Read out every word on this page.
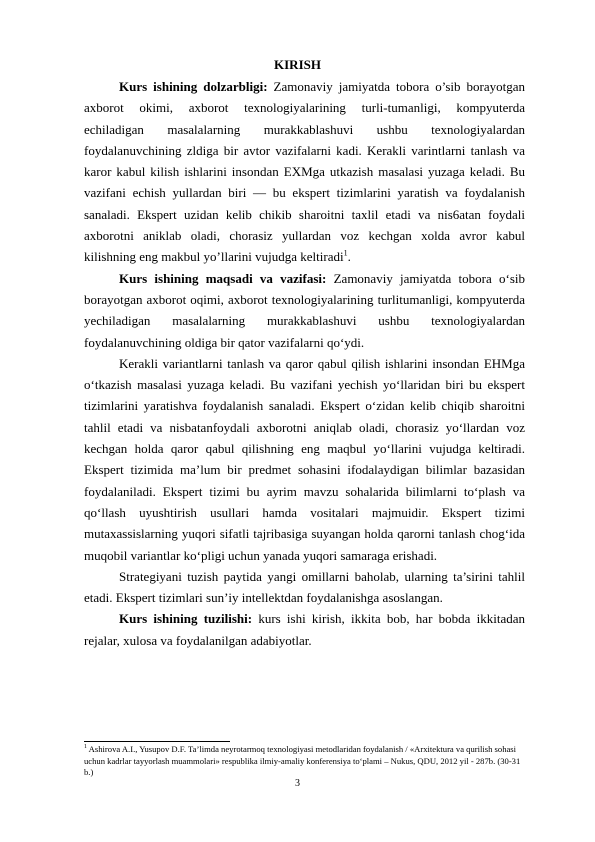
KIRISH

Kurs ishining dolzarbligi: Zamonaviy jamiyatda tobora o’sib borayotgan axborot okimi, axborot texnologiyalarining turli-tumanligi, kompyuterda echiladigan masalalarning murakkablashuvi ushbu texnologiyalardan foydalanuvchining zldiga bir avtor vazifalarni kadi. Kerakli varintlarni tanlash va karor kabul kilish ishlarini insondan EXMga utkazish masalasi yuzaga keladi. Bu vazifani echish yullardan biri — bu ekspert tizimlarini yaratish va foydalanish sanaladi. Ekspert uzidan kelib chikib sharoitni taxlil etadi va nis6atan foydali axborotni aniklab oladi, chorasiz yullardan voz kechgan xolda avror kabul kilishning eng makbul yo’llarini vujudga keltiradi$^1$.

Kurs ishining maqsadi va vazifasi: Zamonaviy jamiyatda tobora o‘sib borayotgan axborot oqimi, axborot texnologiyalarining turlitumanligi, kompyuterda yechiladigan masalalarning murakkablashuvi ushbu texnologiyalardan foydalanuvchining oldiga bir qator vazifalarni qo‘ydi.

Kerakli variantlarni tanlash va qaror qabul qilish ishlarini insondan EHMga o‘tkazish masalasi yuzaga keladi. Bu vazifani yechish yo‘llaridan biri bu ekspert tizimlarini yaratishva foydalanish sanaladi. Ekspert o‘zidan kelib chiqib sharoitni tahlil etadi va nisbatanfoydali axborotni aniqlab oladi, chorasiz yo‘llardan voz kechgan holda qaror qabul qilishning eng maqbul yo‘llarini vujudga keltiradi. Ekspert tizimida ma’lum bir predmet sohasini ifodalaydigan bilimlar bazasidan foydalaniladi. Ekspert tizimi bu ayrim mavzu sohalarida bilimlarni to‘plash va qo‘llash uyushtirish usullari hamda vositalari majmuidir. Ekspert tizimi mutaxassislarning yuqori sifatli tajribasiga suyangan holda qarorni tanlash chog‘ida muqobil variantlar ko‘pligi uchun yanada yuqori samaraga erishadi.

Strategiyani tuzish paytida yangi omillarni baholab, ularning ta’sirini tahlil etadi. Ekspert tizimlari sun’iy intellektdan foydalanishga asoslangan.

Kurs ishining tuzilishi: kurs ishi kirish, ikkita bob, har bobda ikkitadan rejalar, xulosa va foydalanilgan adabiyotlar.

$^1$ Ashirova A.I., Yusupov D.F. Ta’limda neyrotarmoq texnologiyasi metodlaridan foydalanish / «Arxitektura va qurilish sohasi uchun kadrlar tayyorlash muammolari» respublika ilmiy-amaliy konferensiya to‘plami – Nukus, QDU, 2012 yil - 287b. (30-31 b.)
3
